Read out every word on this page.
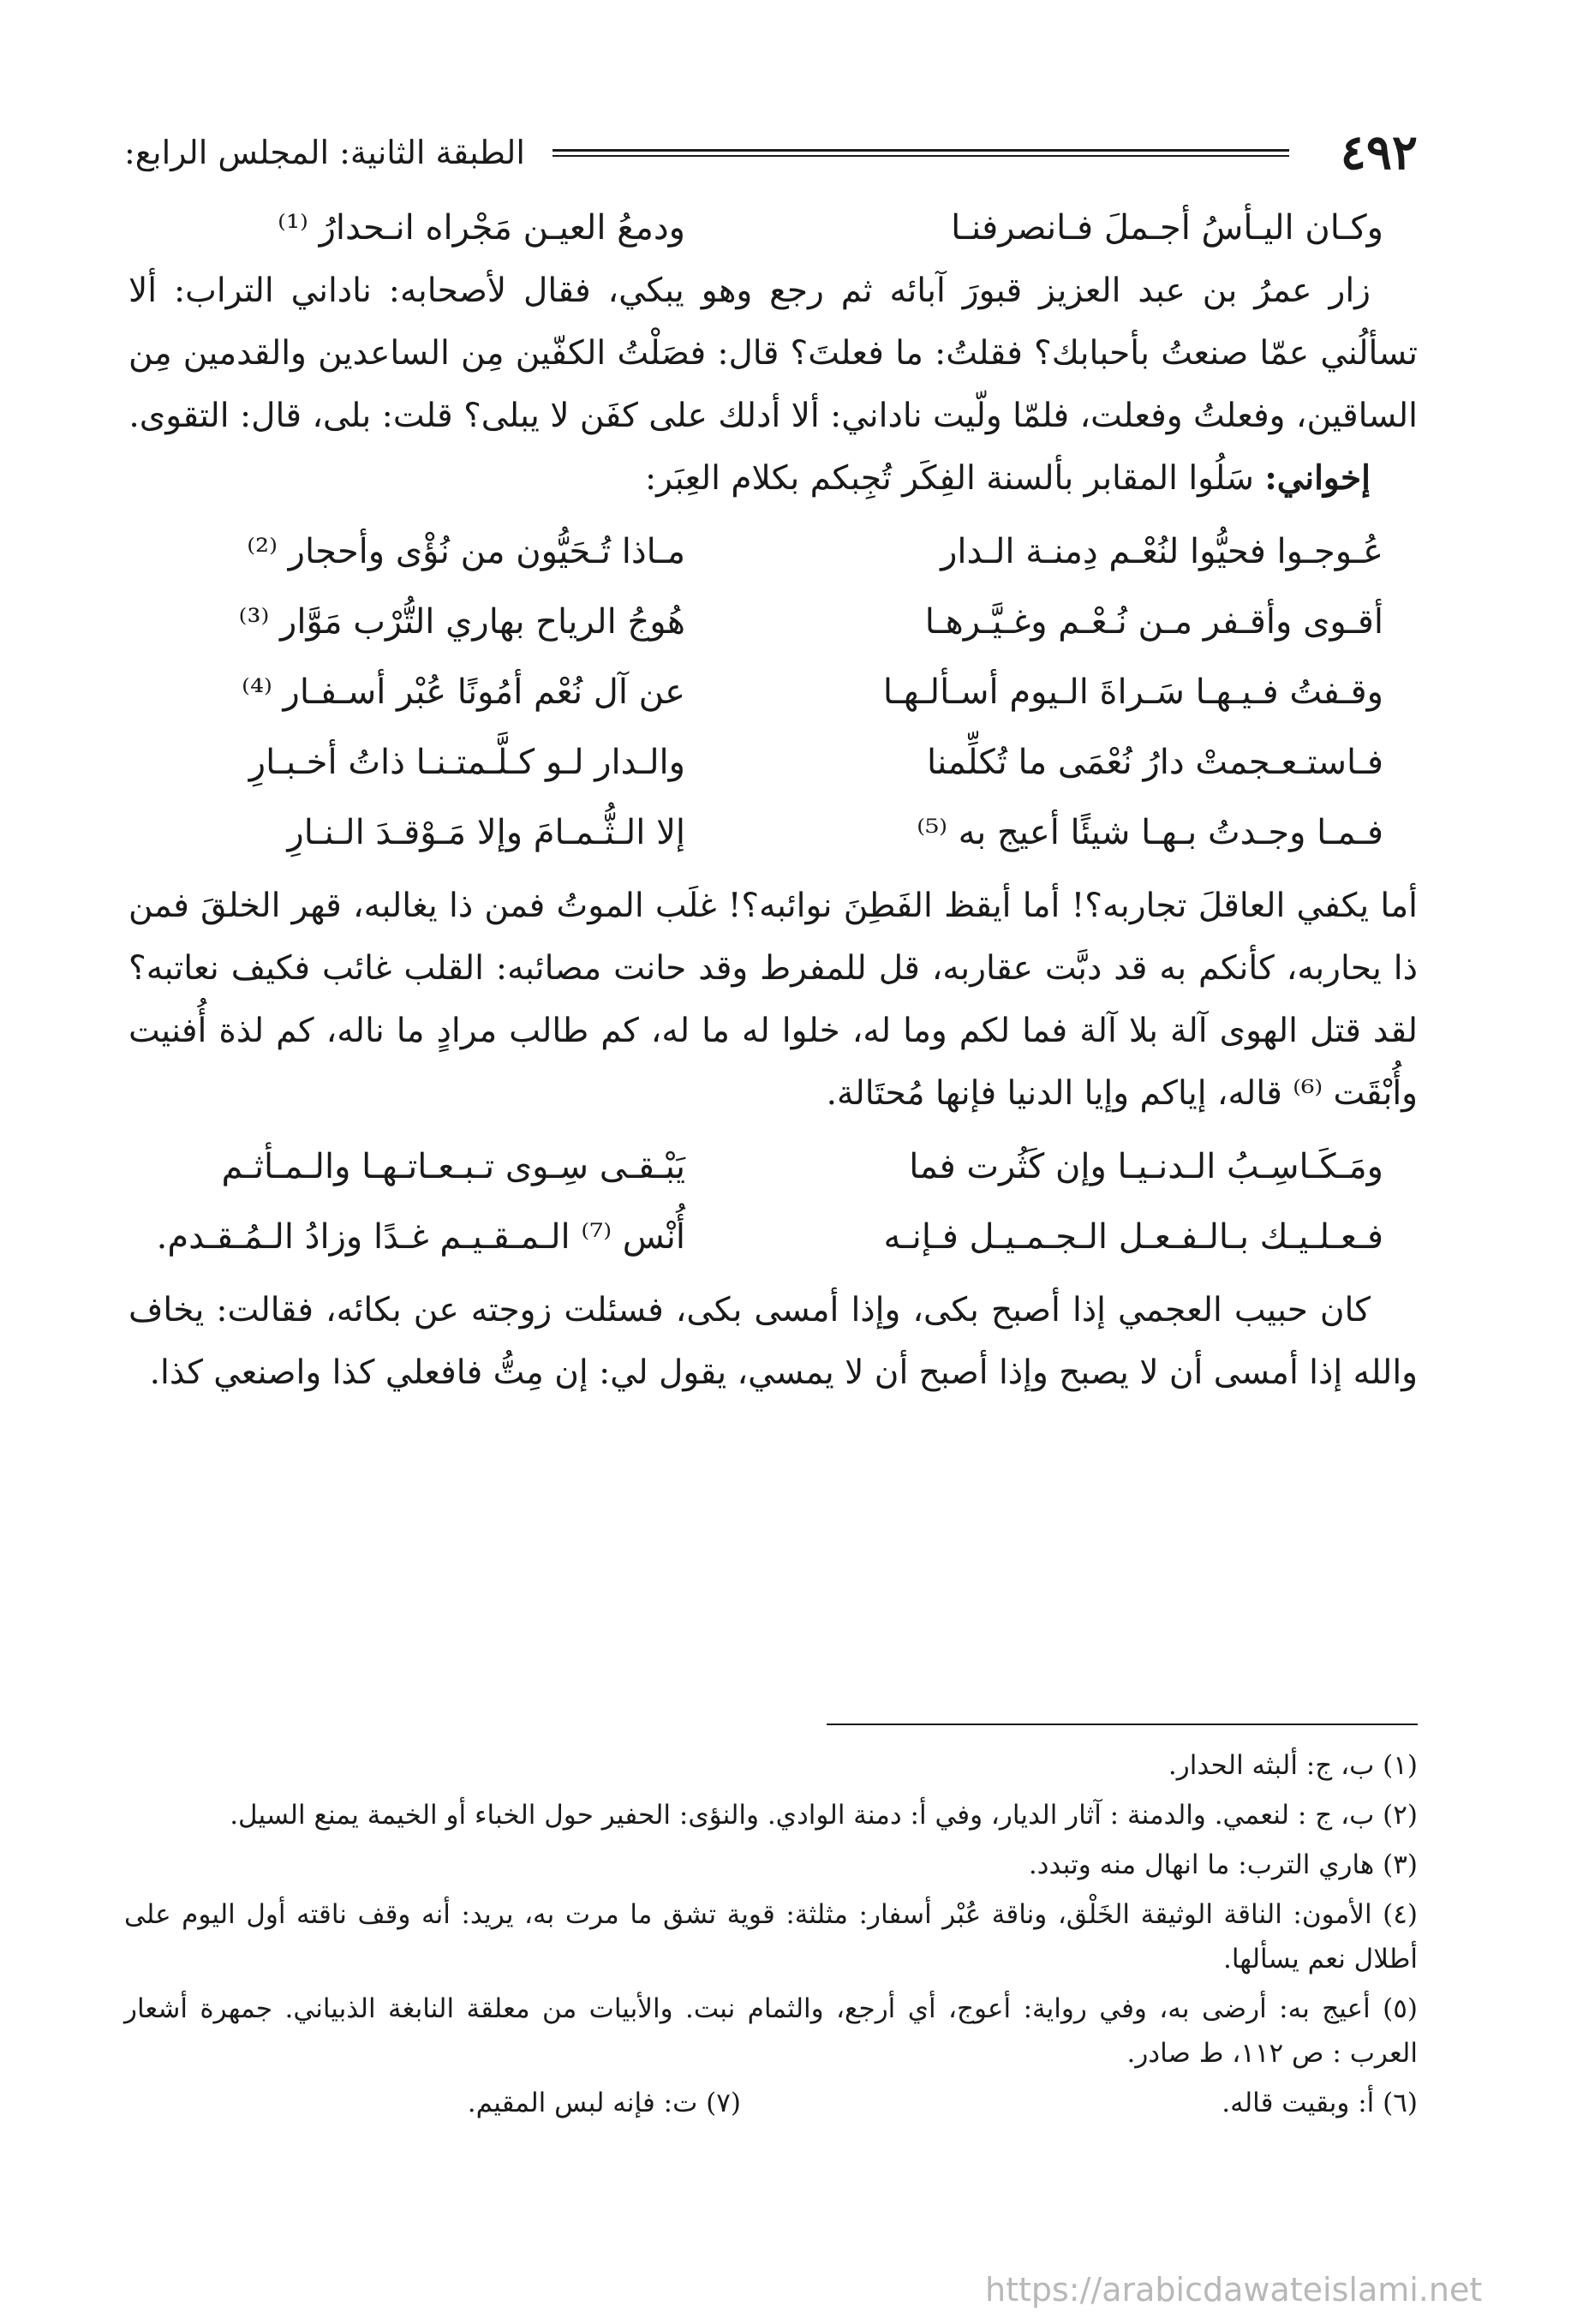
٤٩٢
الطبقة الثانية: المجلس الرابع:
وكـان اليـأسُ أجـملَ فـانصرفنـا
ودمعُ العيـن مَجْراه انـحدارُ ⁽¹⁾

زار عمرُ بن عبد العزيز قبورَ آبائه ثم رجع وهو يبكي، فقال لأصحابه: ناداني التراب: ألا تسألُني عمّا صنعتُ بأحبابك؟ فقلتُ: ما فعلتَ؟ قال: فصَلْتُ الكفّين مِن الساعدين والقدمين مِن الساقين، وفعلتُ وفعلت، فلمّا ولّيت ناداني: ألا أدلك على كفَن لا يبلى؟ قلت: بلى، قال: التقوى.

إخواني: سَلُوا المقابر بألسنة الفِكَر تُجِبكم بكلام العِبَر:

عُـوجـوا فحيُّوا لنُعْـم دِمنـة الـدار
مـاذا تُـحَيُّون من نُؤْى وأحجار ⁽²⁾
أقـوى وأقـفر مـن نُـعْـم وغـيَّـرهـا
هُوجُ الرياح بهاري التُّرْب مَوَّار ⁽³⁾
وقـفتُ فـيـهـا سَـراةَ الـيوم أسـألـهـا
عن آل نُعْم أمُونًا عُبْر أسـفـار ⁽⁴⁾
فـاستـعـجمتْ دارُ نُعْمَى ما تُكلِّمنا
والـدار لـو كـلَّـمتـنـا ذاتُ أخـبـارِ
فـمـا وجـدتُ بـهـا شيئًا أعيج به ⁽⁵⁾
إلا الـثُّـمـامَ وإلا مَـوْقـدَ الـنـارِ

أما يكفي العاقلَ تجاربه؟! أما أيقظ الفَطِنَ نوائبه؟! غلَب الموتُ فمن ذا يغالبه، قهر الخلقَ فمن ذا يحاربه، كأنكم به قد دبَّت عقاربه، قل للمفرط وقد حانت مصائبه: القلب غائب فكيف نعاتبه؟ لقد قتل الهوى آلة بلا آلة فما لكم وما له، خلوا له ما له، كم طالب مرادٍ ما ناله، كم لذة أُفنيت وأُبْقَت ⁽⁶⁾ قاله، إياكم وإيا الدنيا فإنها مُحتَالة.

ومَـكَـاسِـبُ الـدنـيـا وإن كَثُرت فما
يَبْـقـى سِـوى تـبـعـاتـهـا والـمـأثـم
فـعـلـيـك بـالـفـعـل الـجـمـيـل فـإنـه
أُنْس ⁽⁷⁾ الـمـقـيـم غـدًا وزادُ الـمُـقـدم.

كان حبيب العجمي إذا أصبح بكى، وإذا أمسى بكى، فسئلت زوجته عن بكائه، فقالت: يخاف والله إذا أمسى أن لا يصبح وإذا أصبح أن لا يمسي، يقول لي: إن مِتُّ فافعلي كذا واصنعي كذا.

(١) ب، ج: ألبثه الحدار.

(٢) ب، ج : لنعمي. والدمنة : آثار الديار، وفي أ: دمنة الوادي. والنؤى: الحفير حول الخباء أو الخيمة يمنع السيل.

(٣) هاري الترب: ما انهال منه وتبدد.

(٤) الأمون: الناقة الوثيقة الخَلْق، وناقة عُبْر أسفار: مثلثة: قوية تشق ما مرت به، يريد: أنه وقف ناقته أول اليوم على أطلال نعم يسألها.

(٥) أعيج به: أرضى به، وفي رواية: أعوج، أي أرجع، والثمام نبت. والأبيات من معلقة النابغة الذبياني. جمهرة أشعار العرب : ص ١١٢، ط صادر.

(٦) أ: وبقيت قاله.
(٧) ت: فإنه لبس المقيم.
https://arabicdawateislami.net
